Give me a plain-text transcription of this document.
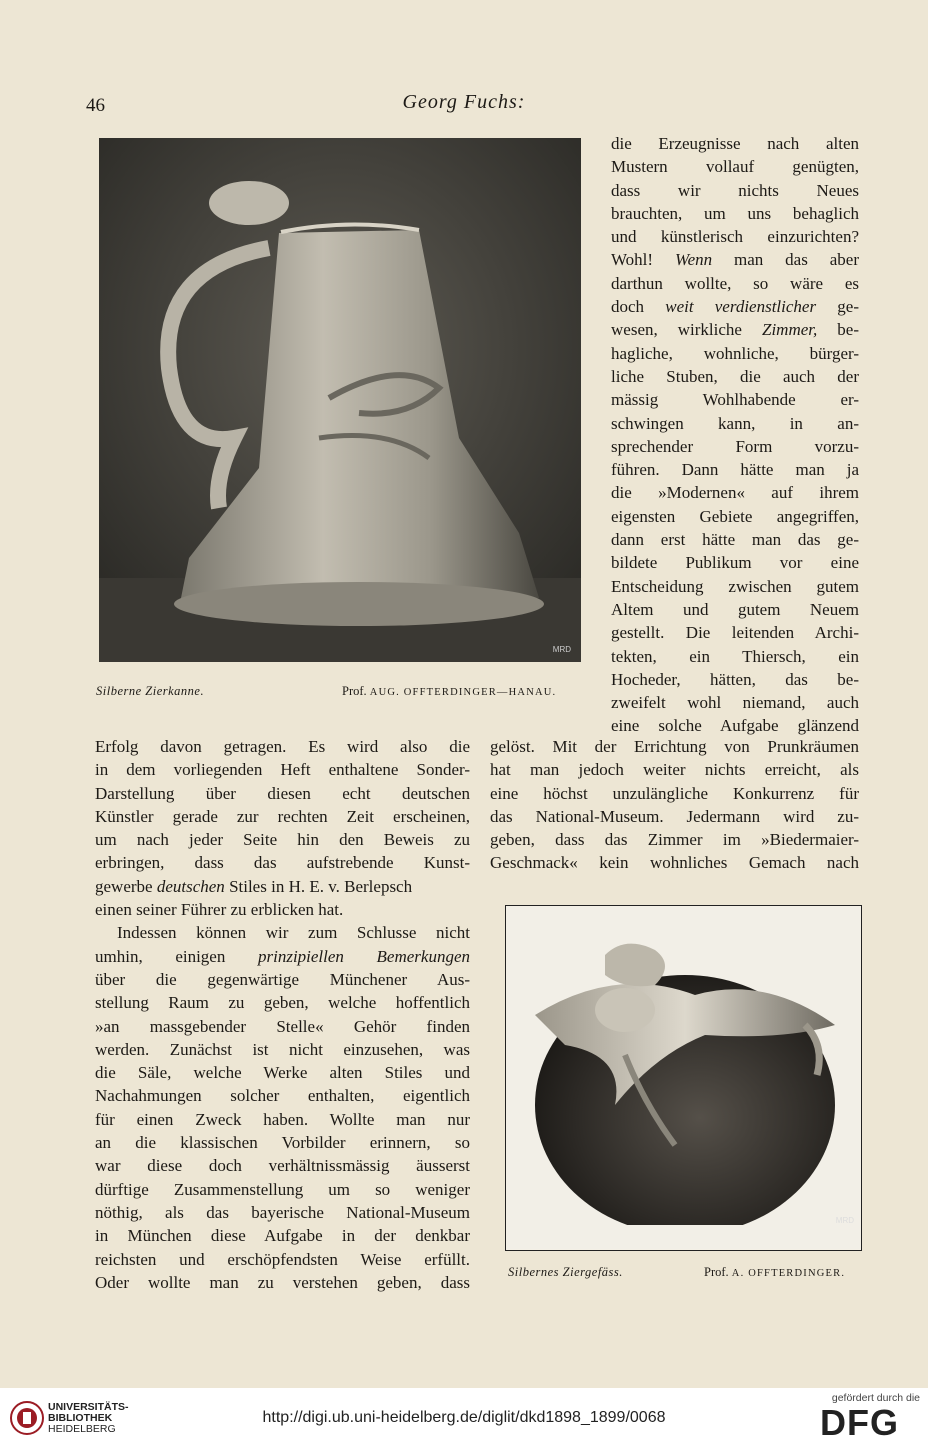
46	Georg Fuchs:
MRD
Silberne Zierkanne.	Prof. AUG. OFFTERDINGER—HANAU.
die Erzeugnisse nach alten
Mustern vollauf genügten,
dass wir nichts Neues
brauchten, um uns behaglich
und künstlerisch einzurichten?
Wohl! Wenn man das aber
darthun wollte, so wäre es
doch weit verdienstlicher ge-
wesen, wirkliche Zimmer, be-
hagliche, wohnliche, bürger-
liche Stuben, die auch der
mässig Wohlhabende er-
schwingen kann, in an-
sprechender Form vorzu-
führen. Dann hätte man ja
die »Modernen« auf ihrem
eigensten Gebiete angegriffen,
dann erst hätte man das ge-
bildete Publikum vor eine
Entscheidung zwischen gutem
Altem und gutem Neuem
gestellt. Die leitenden Archi-
tekten, ein Thiersch, ein
Hocheder, hätten, das be-
zweifelt wohl niemand, auch
eine solche Aufgabe glänzend
Erfolg davon getragen. Es wird also die
in dem vorliegenden Heft enthaltene Sonder-
Darstellung über diesen echt deutschen
Künstler gerade zur rechten Zeit erscheinen,
um nach jeder Seite hin den Beweis zu
erbringen, dass das aufstrebende Kunst-
gewerbe deutschen Stiles in H. E. v. Berlepsch
einen seiner Führer zu erblicken hat.
Indessen können wir zum Schlusse nicht
umhin, einigen prinzipiellen Bemerkungen
über die gegenwärtige Münchener Aus-
stellung Raum zu geben, welche hoffentlich
»an massgebender Stelle« Gehör finden
werden. Zunächst ist nicht einzusehen, was
die Säle, welche Werke alten Stiles und
Nachahmungen solcher enthalten, eigentlich
für einen Zweck haben. Wollte man nur
an die klassischen Vorbilder erinnern, so
war diese doch verhältnissmässig äusserst
dürftige Zusammenstellung um so weniger
nöthig, als das bayerische National-Museum
in München diese Aufgabe in der denkbar
reichsten und erschöpfendsten Weise erfüllt.
Oder wollte man zu verstehen geben, dass
gelöst. Mit der Errichtung von Prunkräumen
hat man jedoch weiter nichts erreicht, als
eine höchst unzulängliche Konkurrenz für
das National-Museum. Jedermann wird zu-
geben, dass das Zimmer im »Biedermaier-
Geschmack« kein wohnliches Gemach nach
MRD
Silbernes Ziergefäss.	Prof. A. OFFTERDINGER.
UNIVERSITÄTS-
BIBLIOTHEK
HEIDELBERG
http://digi.ub.uni-heidelberg.de/diglit/dkd1898_1899/0068
gefördert durch die
DFG
